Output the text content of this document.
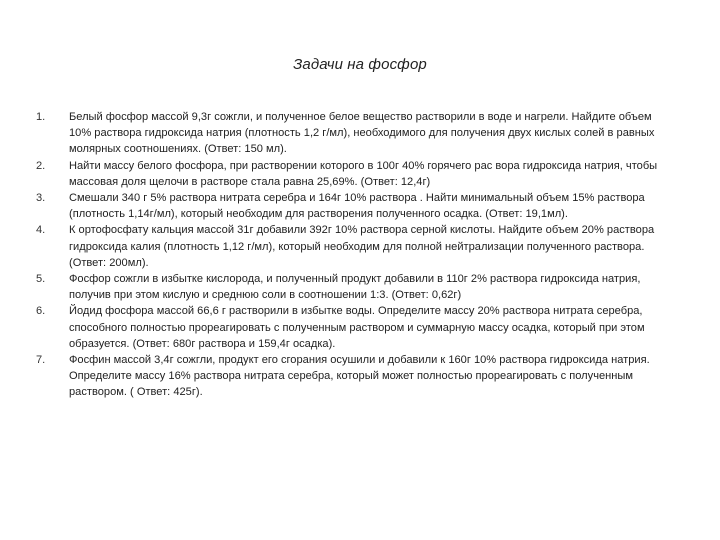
Задачи на фосфор
1.	Белый фосфор массой 9,3г сожгли, и полученное белое вещество растворили в воде и нагрели. Найдите объем 10% раствора гидроксида натрия (плотность 1,2 г/мл), необходимого для получения двух кислых солей в равных молярных соотношениях. (Ответ: 150 мл).
2.	Найти массу белого фосфора, при растворении которого в 100г 40% горячего рас вора гидроксида натрия, чтобы массовая доля щелочи в растворе стала равна 25,69%. (Ответ: 12,4г)
3.	Смешали 340 г 5% раствора нитрата серебра и 164г 10% раствора . Найти минимальный объем 15% раствора (плотность 1,14г/мл), который необходим для растворения полученного осадка. (Ответ: 19,1мл).
4.	К ортофосфату кальция массой 31г добавили 392г 10% раствора серной кислоты. Найдите объем 20% раствора гидроксида калия (плотность 1,12 г/мл), который необходим для полной нейтрализации полученного раствора. (Ответ: 200мл).
5.	Фосфор сожгли в избытке кислорода, и полученный продукт добавили в 110г 2% раствора гидроксида натрия, получив при этом кислую и среднюю соли в соотношении 1:3. (Ответ: 0,62г)
6.	Йодид фосфора массой 66,6 г растворили в избытке воды. Определите массу 20% раствора нитрата серебра, способного полностью прореагировать с полученным раствором и суммарную массу осадка, который при этом образуется. (Ответ: 680г раствора и 159,4г осадка).
7.	Фосфин массой 3,4г сожгли, продукт его сгорания осушили и добавили к 160г 10% раствора гидроксида натрия. Определите массу 16% раствора нитрата серебра, который может полностью прореагировать с полученным раствором. ( Ответ: 425г).
